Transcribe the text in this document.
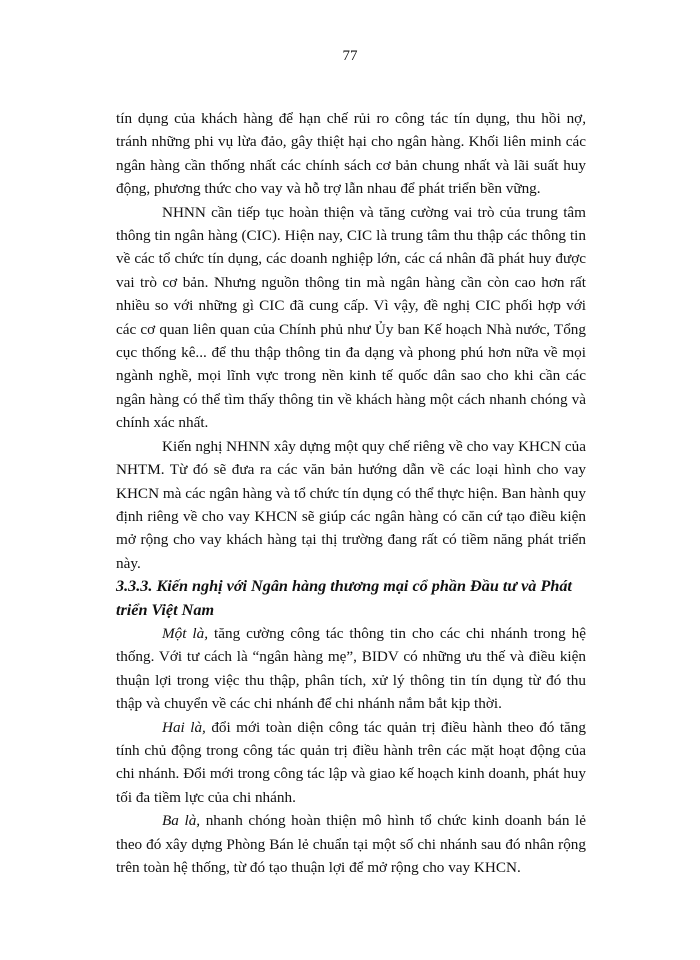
77

tín dụng của khách hàng để hạn chế rủi ro công tác tín dụng, thu hồi nợ, tránh những phi vụ lừa đảo, gây thiệt hại cho ngân hàng. Khối liên minh các ngân hàng cần thống nhất các chính sách cơ bản chung nhất và lãi suất huy động, phương thức cho vay và hỗ trợ lẫn nhau để phát triển bền vững.

NHNN cần tiếp tục hoàn thiện và tăng cường vai trò của trung tâm thông tin ngân hàng (CIC). Hiện nay, CIC là trung tâm thu thập các thông tin về các tổ chức tín dụng, các doanh nghiệp lớn, các cá nhân đã phát huy được vai trò cơ bản. Nhưng nguồn thông tin mà ngân hàng cần còn cao hơn rất nhiều so với những gì CIC đã cung cấp. Vì vậy, đề nghị CIC phối hợp với các cơ quan liên quan của Chính phủ như Ủy ban Kế hoạch Nhà nước, Tổng cục thống kê... để thu thập thông tin đa dạng và phong phú hơn nữa về mọi ngành nghề, mọi lĩnh vực trong nền kinh tế quốc dân sao cho khi cần các ngân hàng có thể tìm thấy thông tin về khách hàng một cách nhanh chóng và chính xác nhất.

Kiến nghị NHNN xây dựng một quy chế riêng về cho vay KHCN của NHTM. Từ đó sẽ đưa ra các văn bản hướng dẫn về các loại hình cho vay KHCN mà các ngân hàng và tổ chức tín dụng có thể thực hiện. Ban hành quy định riêng về cho vay KHCN sẽ giúp các ngân hàng có căn cứ tạo điều kiện mở rộng cho vay khách hàng tại thị trường đang rất có tiềm năng phát triển này.

3.3.3. Kiến nghị với Ngân hàng thương mại cổ phần Đầu tư và Phát triển Việt Nam

Một là, tăng cường công tác thông tin cho các chi nhánh trong hệ thống. Với tư cách là “ngân hàng mẹ”, BIDV có những ưu thế và điều kiện thuận lợi trong việc thu thập, phân tích, xử lý thông tin tín dụng từ đó thu thập và chuyển về các chi nhánh để chi nhánh nắm bắt kịp thời.

Hai là, đổi mới toàn diện công tác quản trị điều hành theo đó tăng tính chủ động trong công tác quản trị điều hành trên các mặt hoạt động của chi nhánh. Đổi mới trong công tác lập và giao kế hoạch kinh doanh, phát huy tối đa tiềm lực của chi nhánh.

Ba là, nhanh chóng hoàn thiện mô hình tổ chức kinh doanh bán lẻ theo đó xây dựng Phòng Bán lẻ chuẩn tại một số chi nhánh sau đó nhân rộng trên toàn hệ thống, từ đó tạo thuận lợi để mở rộng cho vay KHCN.
